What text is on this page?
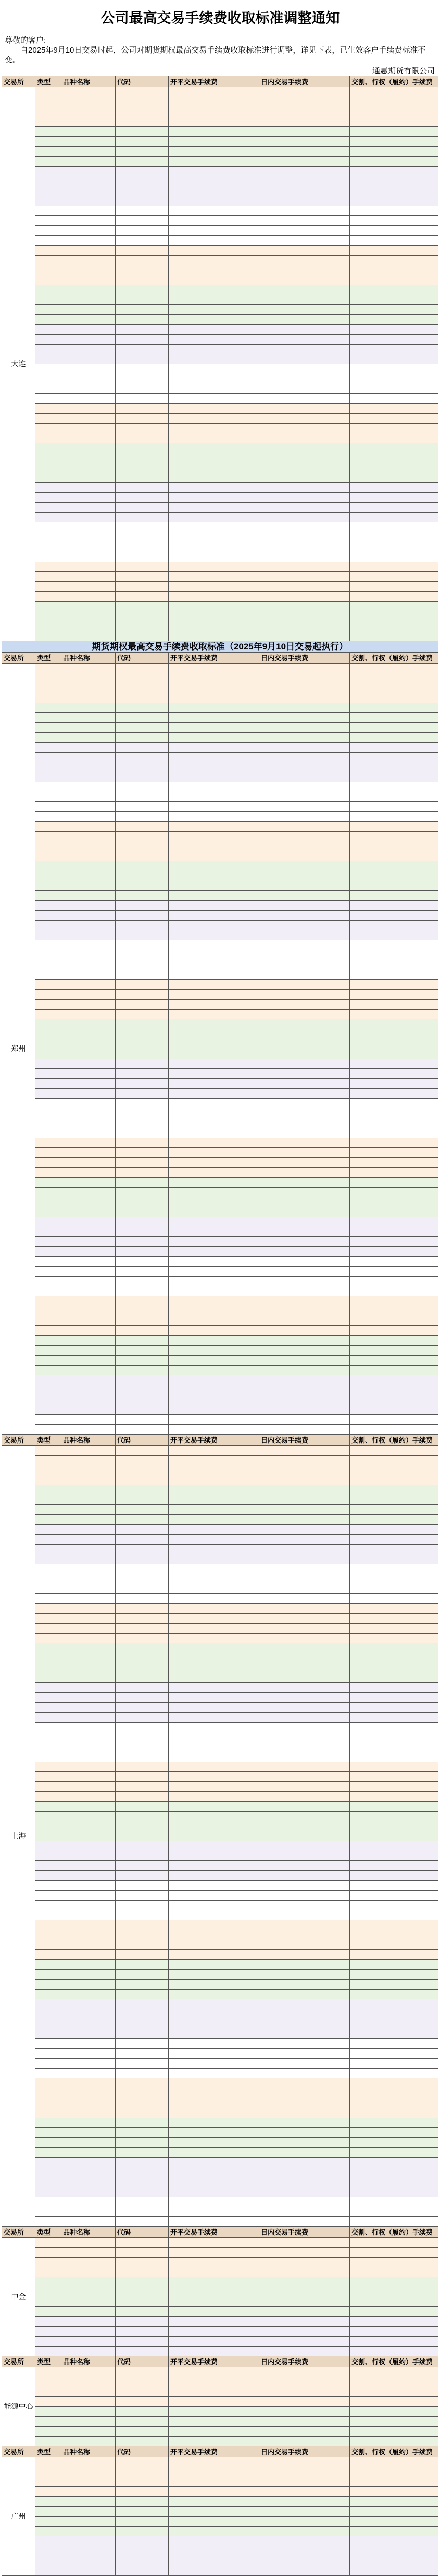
公司最高交易手续费收取标准调整通知

尊敬的客户:

自2025年9月10日交易时起，公司对期货期权最高交易手续费收取标准进行调整，详见下表，已生效客户手续费标准不变。

通惠期货有限公司
交易所	类型	品种名称	代码	开平交易手续费	日内交易手续费	交割、行权（履约）手续费
大连						

期货期权最高交易手续费收取标准（2025年9月10日交易起执行）						
交易所	类型	品种名称	代码	开平交易手续费	日内交易手续费	交割、行权（履约）手续费
郑州						

交易所	类型	品种名称	代码	开平交易手续费	日内交易手续费	交割、行权（履约）手续费
上海						

交易所	类型	品种名称	代码	开平交易手续费	日内交易手续费	交割、行权（履约）手续费
中金						

交易所	类型	品种名称	代码	开平交易手续费	日内交易手续费	交割、行权（履约）手续费
能源中心						

交易所	类型	品种名称	代码	开平交易手续费	日内交易手续费	交割、行权（履约）手续费
广州						
